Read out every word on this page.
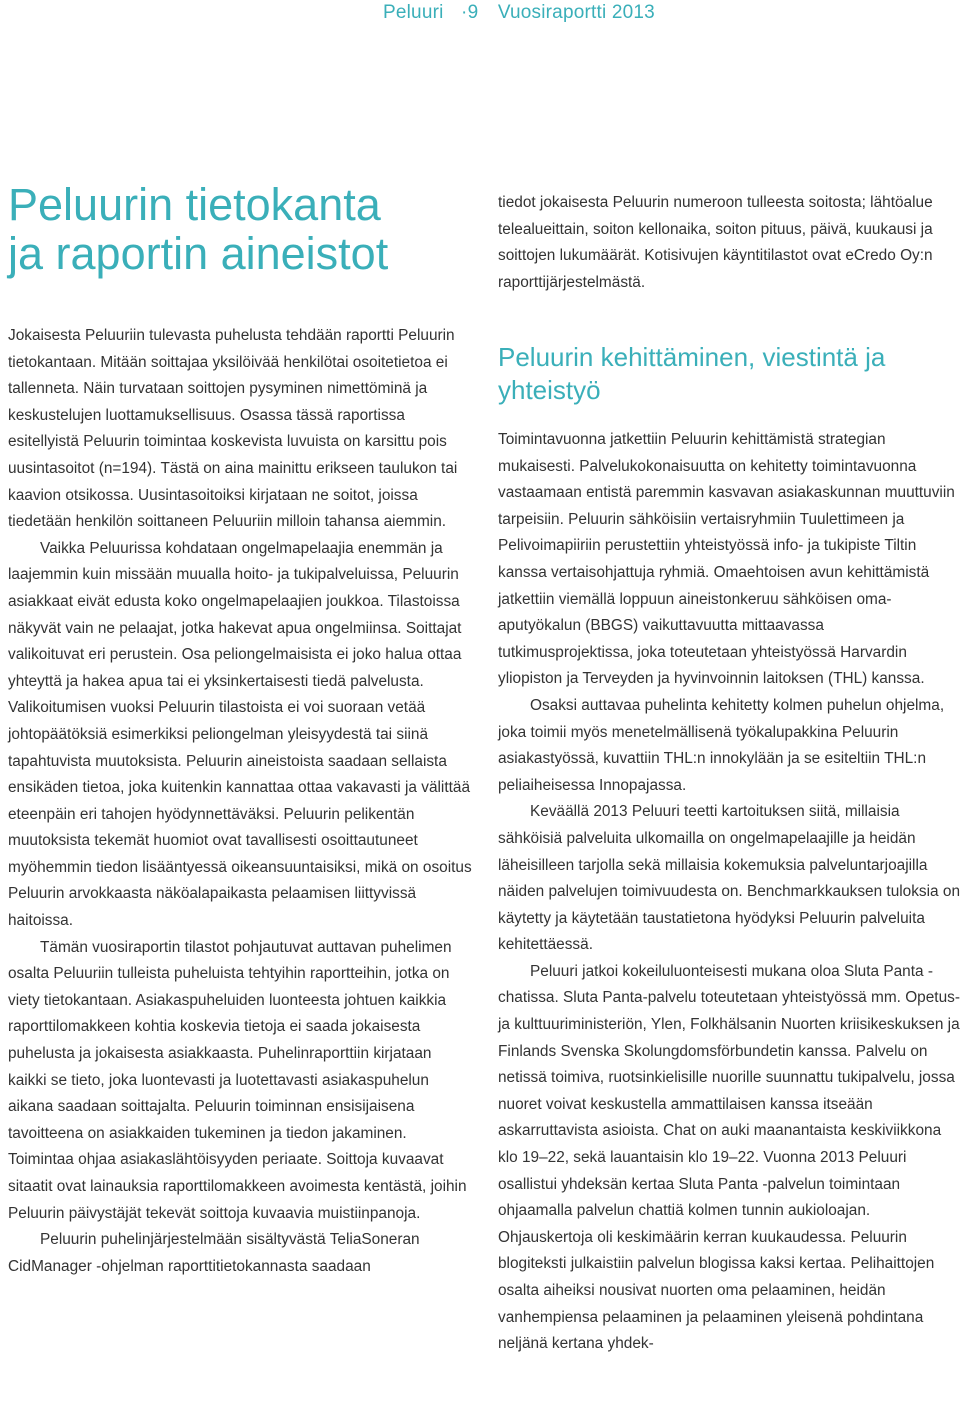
Peluuri ·9 Vuosiraportti 2013
Peluurin tietokanta
ja raportin aineistot

Jokaisesta Peluuriin tulevasta puhelusta tehdään raportti Peluurin tietokantaan. Mitään soittajaa yksilöivää henkilötai osoitetietoa ei tallenneta. Näin turvataan soittojen pysyminen nimettöminä ja keskustelujen luottamuksellisuus. Osassa tässä raportissa esitellyistä Peluurin toimintaa koskevista luvuista on karsittu pois uusintasoitot (n=194). Tästä on aina mainittu erikseen taulukon tai kaavion otsikossa. Uusintasoitoiksi kirjataan ne soitot, joissa tiedetään henkilön soittaneen Peluuriin milloin tahansa aiemmin.

Vaikka Peluurissa kohdataan ongelmapelaajia enemmän ja laajemmin kuin missään muualla hoito- ja tukipalveluissa, Peluurin asiakkaat eivät edusta koko ongelmapelaajien joukkoa. Tilastoissa näkyvät vain ne pelaajat, jotka hakevat apua ongelmiinsa. Soittajat valikoituvat eri perustein. Osa peliongelmaisista ei joko halua ottaa yhteyttä ja hakea apua tai ei yksinkertaisesti tiedä palvelusta. Valikoitumisen vuoksi Peluurin tilastoista ei voi suoraan vetää johtopäätöksiä esimerkiksi peliongelman yleisyydestä tai siinä tapahtuvista muutoksista. Peluurin aineistoista saadaan sellaista ensikäden tietoa, joka kuitenkin kannattaa ottaa vakavasti ja välittää eteenpäin eri tahojen hyödynnettäväksi. Peluurin pelikentän muutoksista tekemät huomiot ovat tavallisesti osoittautuneet myöhemmin tiedon lisääntyessä oikeansuuntaisiksi, mikä on osoitus Peluurin arvokkaasta näköalapaikasta pelaamisen liittyvissä haitoissa.

Tämän vuosiraportin tilastot pohjautuvat auttavan puhelimen osalta Peluuriin tulleista puheluista tehtyihin raportteihin, jotka on viety tietokantaan. Asiakaspuheluiden luonteesta johtuen kaikkia raporttilomakkeen kohtia koskevia tietoja ei saada jokaisesta puhelusta ja jokaisesta asiakkaasta. Puhelinraporttiin kirjataan kaikki se tieto, joka luontevasti ja luotettavasti asiakaspuhelun aikana saadaan soittajalta. Peluurin toiminnan ensisijaisena tavoitteena on asiakkaiden tukeminen ja tiedon jakaminen. Toimintaa ohjaa asiakaslähtöisyyden periaate. Soittoja kuvaavat sitaatit ovat lainauksia raporttilomakkeen avoimesta kentästä, joihin Peluurin päivystäjät tekevät soittoja kuvaavia muistiinpanoja.

Peluurin puhelinjärjestelmään sisältyvästä TeliaSoneran CidManager -ohjelman raporttitietokannasta saadaan

tiedot jokaisesta Peluurin numeroon tulleesta soitosta; lähtöalue telealueittain, soiton kellonaika, soiton pituus, päivä, kuukausi ja soittojen lukumäärät. Kotisivujen käyntitilastot ovat eCredo Oy:n raporttijärjestelmästä.

Peluurin kehittäminen, viestintä ja yhteistyö

Toimintavuonna jatkettiin Peluurin kehittämistä strategian mukaisesti. Palvelukokonaisuutta on kehitetty toimintavuonna vastaamaan entistä paremmin kasvavan asiakaskunnan muuttuviin tarpeisiin. Peluurin sähköisiin vertaisryhmiin Tuulettimeen ja Pelivoimapiiriin perustettiin yhteistyössä info- ja tukipiste Tiltin kanssa vertaisohjattuja ryhmiä. Omaehtoisen avun kehittämistä jatkettiin viemällä loppuun aineistonkeruu sähköisen oma-aputyökalun (BBGS) vaikuttavuutta mittaavassa tutkimusprojektissa, joka toteutetaan yhteistyössä Harvardin yliopiston ja Terveyden ja hyvinvoinnin laitoksen (THL) kanssa.

Osaksi auttavaa puhelinta kehitetty kolmen puhelun ohjelma, joka toimii myös menetelmällisenä työkalupakkina Peluurin asiakastyössä, kuvattiin THL:n innokylään ja se esiteltiin THL:n peliaiheisessa Innopajassa.

Keväällä 2013 Peluuri teetti kartoituksen siitä, millaisia sähköisiä palveluita ulkomailla on ongelmapelaajille ja heidän läheisilleen tarjolla sekä millaisia kokemuksia palveluntarjoajilla näiden palvelujen toimivuudesta on. Benchmarkkauksen tuloksia on käytetty ja käytetään taustatietona hyödyksi Peluurin palveluita kehitettäessä.

Peluuri jatkoi kokeiluluonteisesti mukana oloa Sluta Panta -chatissa. Sluta Panta-palvelu toteutetaan yhteistyössä mm. Opetus- ja kulttuuriministeriön, Ylen, Folkhälsanin Nuorten kriisikeskuksen ja Finlands Svenska Skolungdomsförbundetin kanssa. Palvelu on netissä toimiva, ruotsinkielisille nuorille suunnattu tukipalvelu, jossa nuoret voivat keskustella ammattilaisen kanssa itseään askarruttavista asioista. Chat on auki maanantaista keskiviikkona klo 19–22, sekä lauantaisin klo 19–22. Vuonna 2013 Peluuri osallistui yhdeksän kertaa Sluta Panta -palvelun toimintaan ohjaamalla palvelun chattiä kolmen tunnin aukioloajan. Ohjauskertoja oli keskimäärin kerran kuukaudessa. Peluurin blogiteksti julkaistiin palvelun blogissa kaksi kertaa. Pelihaittojen osalta aiheiksi nousivat nuorten oma pelaaminen, heidän vanhempiensa pelaaminen ja pelaaminen yleisenä pohdintana neljänä kertana yhdek-
